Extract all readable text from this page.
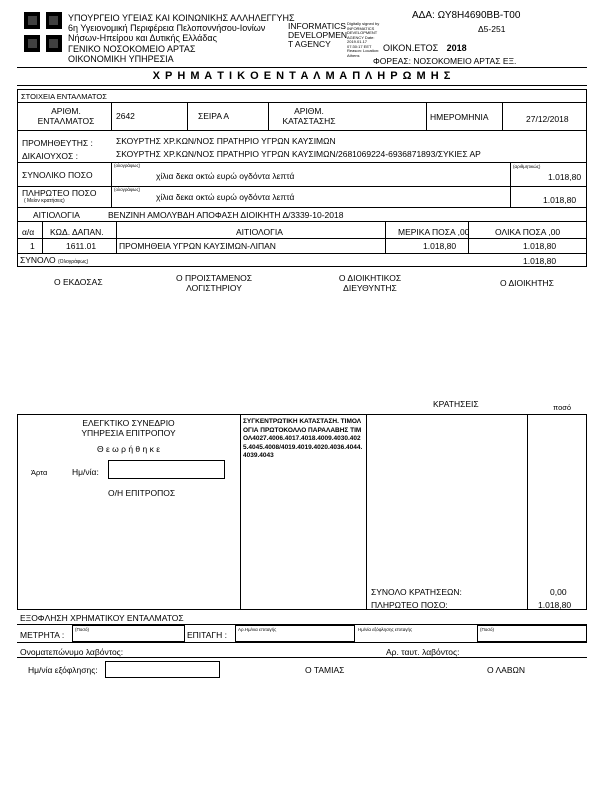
ΥΠΟΥΡΓΕΙΟ ΥΓΕΙΑΣ ΚΑΙ ΚΟΙΝΩΝΙΚΗΣ ΑΛΛΗΛΕΓΓΥΗΣ
6η Υγειονομική Περιφέρεια Πελοποννήσου-Ιονίων
Νήσων-Ηπείρου και Δυτικής Ελλάδας
ΓΕΝΙΚΟ ΝΟΣΟΚΟΜΕΙΟ ΑΡΤΑΣ
ΟΙΚΟΝΟΜΙΚΗ ΥΠΗΡΕΣΙΑ
INFORMATICS
DEVELOPMEN
T AGENCY
Digitally signed by INFORMATICS DEVELOPMENT AGENCY Date: 2019.01.17 07:30:17 EET Reason: Location: Athens
ΑΔΑ: ΩΥ8Η4690ΒΒ-Τ00
Δ5-251
ΟΙΚΟΝ.ΕΤΟΣ 2018
ΦΟΡΕΑΣ: ΝΟΣΟΚΟΜΕΙΟ ΑΡΤΑΣ ΕΞ.
Χ Ρ Η Μ Α Τ Ι Κ Ο Ε Ν Τ Α Λ Μ Α Π Λ Η Ρ Ω Μ Η Σ
ΣΤΟΙΧΕΙΑ ΕΝΤΑΛΜΑΤΟΣ
ΑΡΙΘΜ. ΕΝΤΑΛΜΑΤΟΣ	2642	ΣΕΙΡΑ Α	ΑΡΙΘΜ. ΚΑΤΑΣΤΑΣΗΣ	ΗΜΕΡΟΜΗΝΙΑ	27/12/2018
ΠΡΟΜΗΘΕΥΤΗΣ :	ΣΚΟΥΡΤΗΣ ΧΡ.ΚΩΝ/ΝΟΣ ΠΡΑΤΗΡΙΟ ΥΓΡΩΝ ΚΑΥΣΙΜΩΝ
ΔΙΚΑΙΟΥΧΟΣ :	ΣΚΟΥΡΤΗΣ ΧΡ.ΚΩΝ/ΝΟΣ ΠΡΑΤΗΡΙΟ ΥΓΡΩΝ ΚΑΥΣΙΜΩΝ/2681069224-6936871893/ΣΥΚΙΕΣ ΑΡ
ΣΥΝΟΛΙΚΟ ΠΟΣΟ
(ολογράφως)
χίλια δεκα οκτώ ευρώ ογδόντα λεπτά
(αριθμητικώς)
1.018,80
ΠΛΗΡΩΤΕΟ ΠΟΣΟ
( Μείον κρατήσεις)
(ολογράφως)
χίλια δεκα οκτώ ευρώ ογδόντα λεπτά	1.018,80
ΑΙΤΙΟΛΟΓΙΑ	ΒΕΝΖΙΝΗ ΑΜΟΛΥΒΔΗ ΑΠΟΦΑΣΗ ΔΙΟΙΚΗΤΗ Δ/3339-10-2018
α/α ΚΩΔ. ΔΑΠΑΝ.	ΑΙΤΙΟΛΟΓΙΑ	ΜΕΡΙΚΑ ΠΟΣΑ ,00	ΟΛΙΚΑ ΠΟΣΑ ,00
1	1611.01	ΠΡΟΜΗΘΕΙΑ ΥΓΡΩΝ ΚΑΥΣΙΜΩΝ-ΛΙΠΑΝ	1.018,80	1.018,80
ΣΥΝΟΛΟ (Ολογράφως)	1.018,80
Ο ΕΚΔΟΣΑΣ	Ο ΠΡΟΙΣΤΑΜΕΝΟΣ
ΛΟΓΙΣΤΗΡΙΟΥ
Ο ΔΙΟΙΚΗΤΙΚΟΣ
ΔΙΕΥΘΥΝΤΗΣ	Ο ΔΙΟΙΚΗΤΗΣ
ΚΡΑΤΗΣΕΙΣ	ποσό
ΕΛΕΓΚΤΙΚΟ ΣΥΝΕΔΡΙΟ
ΥΠΗΡΕΣΙΑ ΕΠΙΤΡΟΠΟΥ
Θ ε ω ρ ή θ η κ ε
Άρτα	Ημ/νία:
Ο/Η ΕΠΙΤΡΟΠΟΣ
ΣΥΓΚΕΝΤΡΩΤΙΚΗ ΚΑΤΑΣΤΑΣΗ. ΤΙΜΟΛΟΓΙΑ ΠΡΩΤΟΚΟΛΛΟ ΠΑΡΑΛΑΒΗΣ ΤΙΜ ΟΛ4027.4006.4017.4018.4009.4030.4025.4045.4008/4019.4019.4020.4036.4044.4039.4043
ΣΥΝΟΛΟ ΚΡΑΤΗΣΕΩΝ:	0,00
ΠΛΗΡΩΤΕΟ ΠΟΣΟ:	1.018,80
ΕΞΟΦΛΗΣΗ ΧΡΗΜΑΤΙΚΟΥ ΕΝΤΑΛΜΑΤΟΣ
ΜΕΤΡΗΤΑ :
(Ποσό)
ΕΠΙΤΑΓΗ :
Αρ.Ημ/νια επιταγής	Ημ/νία εξόφλησης επιταγής	(Ποσό)
Ονοματεπώνυμο λαβόντος:	Αρ. ταυτ. λαβόντος:
Ημ/νία εξόφλησης:	Ο ΤΑΜΙΑΣ	Ο ΛΑΒΩΝ
